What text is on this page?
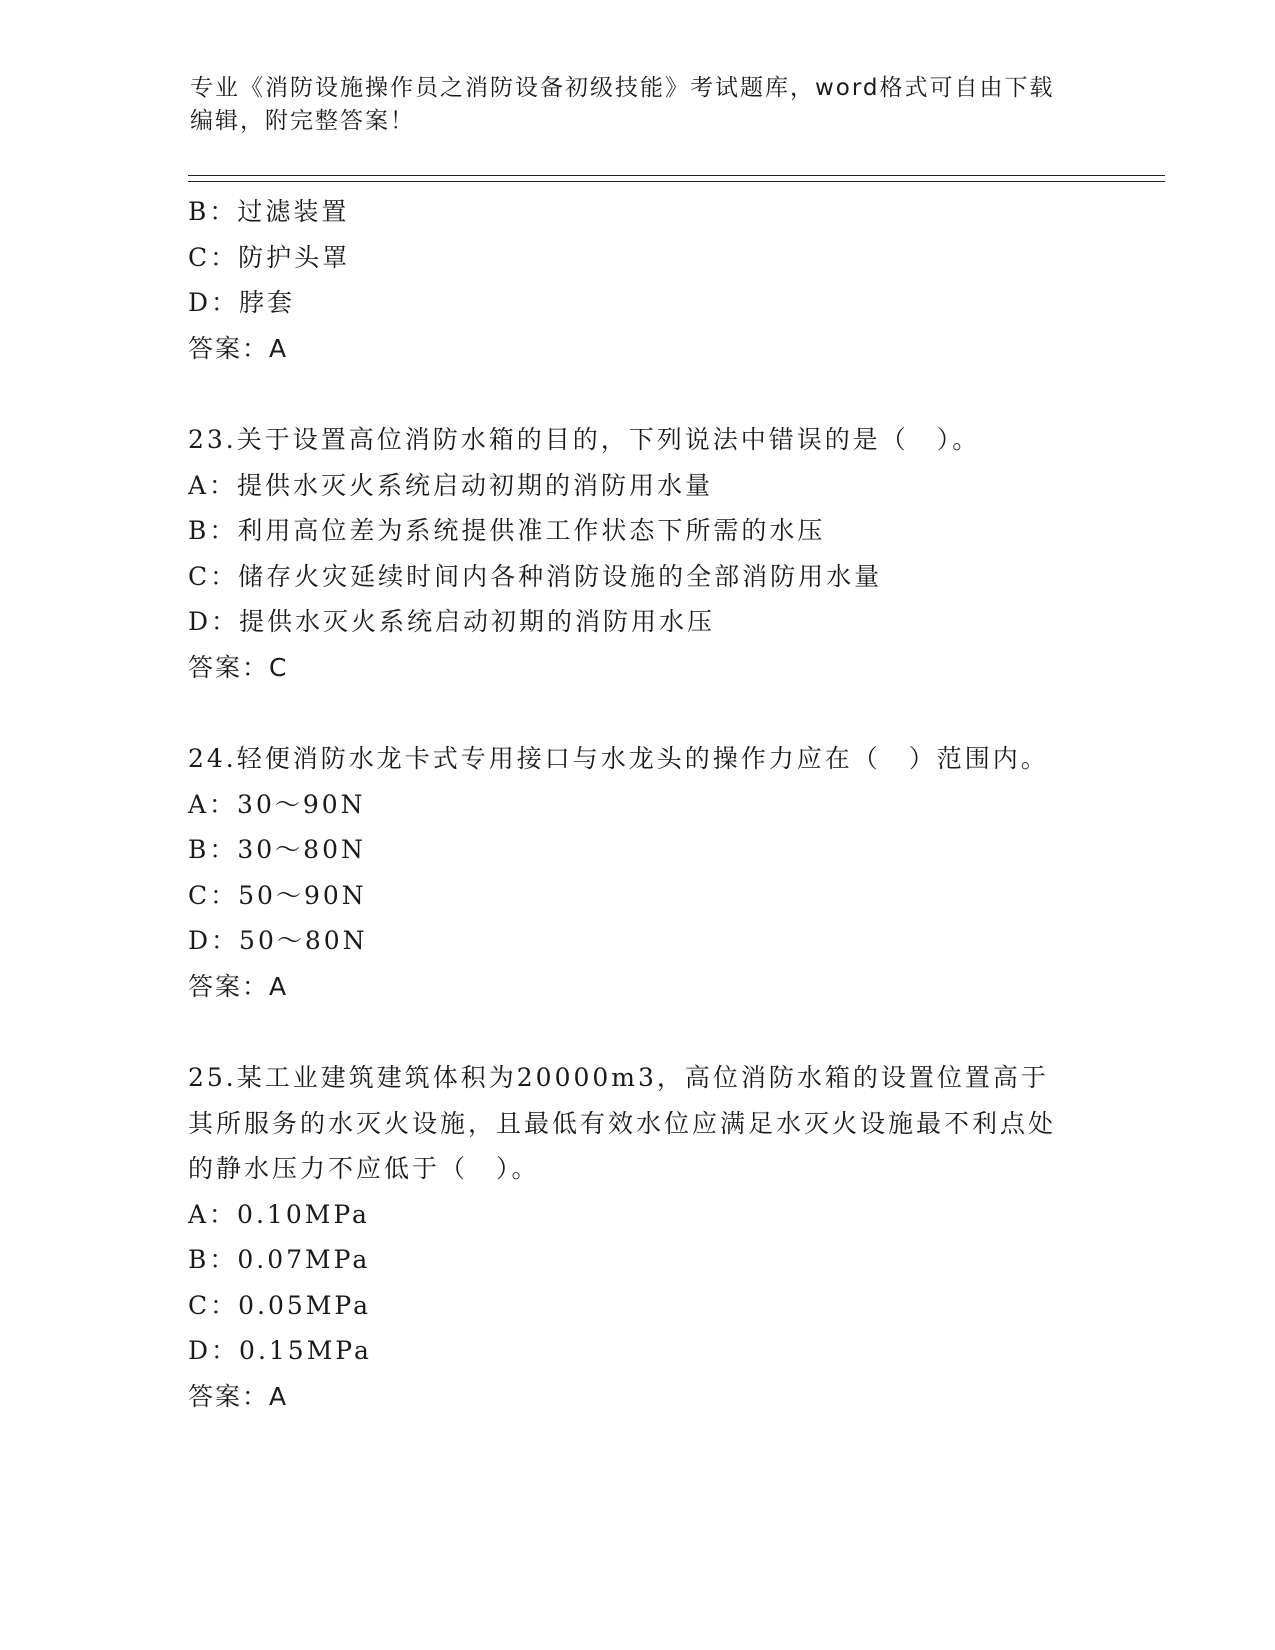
专业《消防设施操作员之消防设备初级技能》考试题库，word格式可自由下载编辑，附完整答案！
B：过滤装置
C：防护头罩
D：脖套
答案：A
23.关于设置高位消防水箱的目的，下列说法中错误的是（　）。
A：提供水灭火系统启动初期的消防用水量
B：利用高位差为系统提供准工作状态下所需的水压
C：储存火灾延续时间内各种消防设施的全部消防用水量
D：提供水灭火系统启动初期的消防用水压
答案：C
24.轻便消防水龙卡式专用接口与水龙头的操作力应在（　）范围内。
A：30～90N
B：30～80N
C：50～90N
D：50～80N
答案：A
25.某工业建筑建筑体积为20000m3，高位消防水箱的设置位置高于其所服务的水灭火设施，且最低有效水位应满足水灭火设施最不利点处的静水压力不应低于（　）。
A：0.10MPa
B：0.07MPa
C：0.05MPa
D：0.15MPa
答案：A
